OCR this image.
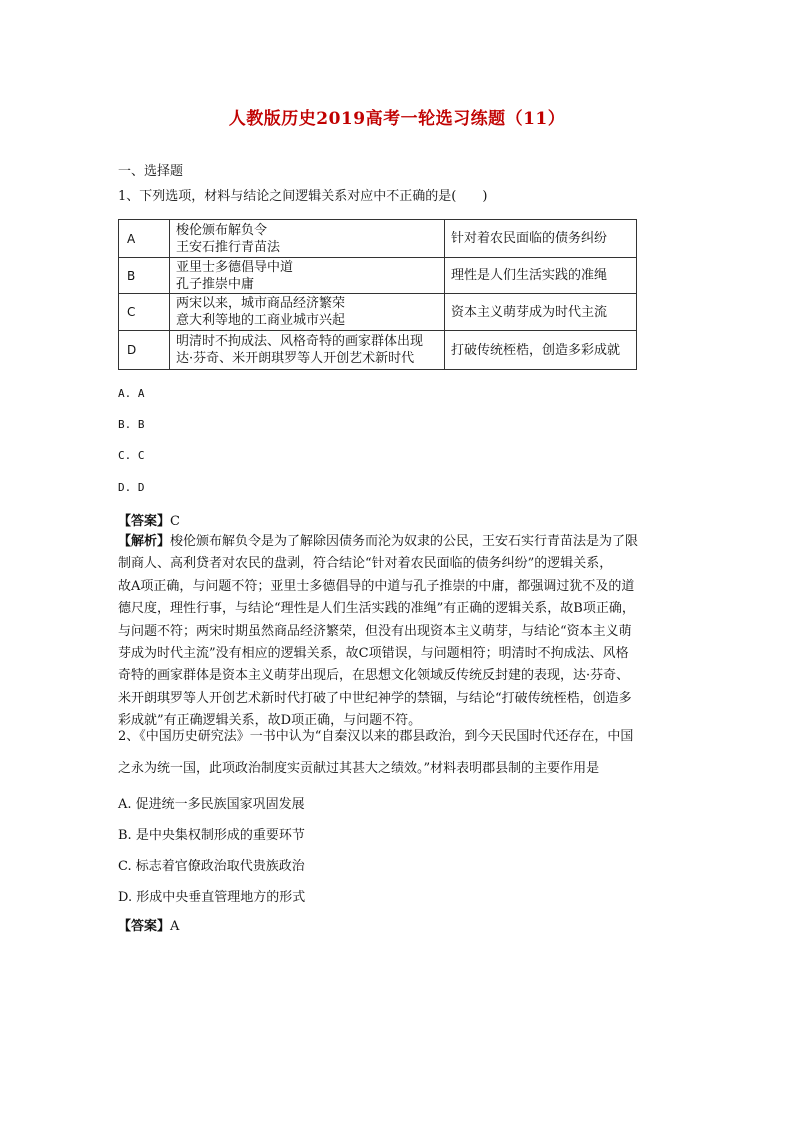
人教版历史2019高考一轮选习练题（11）
一、选择题
1、下列选项，材料与结论之间逻辑关系对应中不正确的是(　　)
A	梭伦颁布解负令
王安石推行青苗法	针对着农民面临的债务纠纷
B	亚里士多德倡导中道
孔子推崇中庸	理性是人们生活实践的准绳
C	两宋以来，城市商品经济繁荣
意大利等地的工商业城市兴起	资本主义萌芽成为时代主流
D	明清时不拘成法、风格奇特的画家群体出现
达·芬奇、米开朗琪罗等人开创艺术新时代	打破传统桎梏，创造多彩成就
A. A
B. B
C. C
D. D
【答案】C
【解析】梭伦颁布解负令是为了解除因债务而沦为奴隶的公民，王安石实行青苗法是为了限
制商人、高利贷者对农民的盘剥，符合结论“针对着农民面临的债务纠纷”的逻辑关系，
故A项正确，与问题不符；亚里士多德倡导的中道与孔子推崇的中庸，都强调过犹不及的道
德尺度，理性行事，与结论“理性是人们生活实践的准绳”有正确的逻辑关系，故B项正确，
与问题不符；两宋时期虽然商品经济繁荣，但没有出现资本主义萌芽，与结论“资本主义萌
芽成为时代主流”没有相应的逻辑关系，故C项错误，与问题相符；明清时不拘成法、风格
奇特的画家群体是资本主义萌芽出现后，在思想文化领域反传统反封建的表现，达·芬奇、
米开朗琪罗等人开创艺术新时代打破了中世纪神学的禁锢，与结论“打破传统桎梏，创造多
彩成就”有正确逻辑关系，故D项正确，与问题不符。
2、《中国历史研究法》一书中认为“自秦汉以来的郡县政治，到今天民国时代还存在，中国
之永为统一国，此项政治制度实贡献过其甚大之绩效。”材料表明郡县制的主要作用是
A. 促进统一多民族国家巩固发展
B. 是中央集权制形成的重要环节
C. 标志着官僚政治取代贵族政治
D. 形成中央垂直管理地方的形式
【答案】A
